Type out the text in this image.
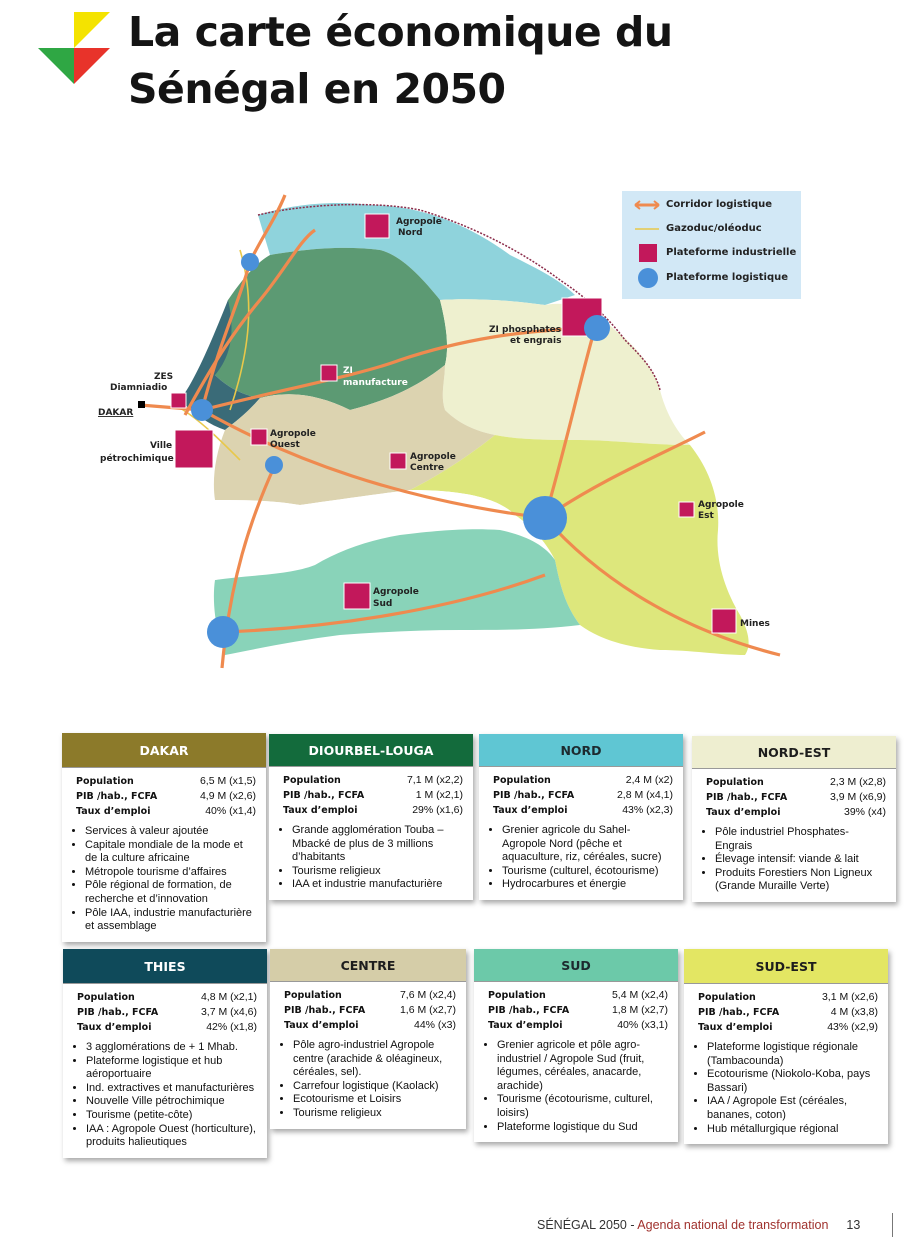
La carte économique du
Sénégal en 2050
Agropole
Nord
ZI phosphates
et engrais
ZI
manufacture
ZES
Diamniadio
DAKAR
Ville
pétrochimique
Agropole
Ouest
Agropole
Centre
Agropole
Est
Agropole
Sud
Mines
Corridor logistique
Gazoduc/oléoduc
Plateforme industrielle
Plateforme logistique
DAKAR
Population	6,5 M (x1,5)
PIB /hab., FCFA	4,9 M (x2,6)
Taux d’emploi	40% (x1,4)
• Services à valeur ajoutée
• Capitale mondiale de la mode et de la culture africaine
• Métropole tourisme d’affaires
• Pôle régional de formation, de recherche et d’innovation
• Pôle IAA, industrie manufacturière et assemblage
DIOURBEL-LOUGA
Population	7,1 M (x2,2)
PIB /hab., FCFA	1 M (x2,1)
Taux d’emploi	29% (x1,6)
• Grande agglomération Touba – Mbacké de plus de 3 millions d’habitants
• Tourisme religieux
• IAA et industrie manufacturière
NORD
Population	2,4 M (x2)
PIB /hab., FCFA	2,8 M (x4,1)
Taux d’emploi	43% (x2,3)
• Grenier agricole du Sahel-Agropole Nord (pêche et aquaculture, riz, céréales, sucre)
• Tourisme (culturel, écotourisme)
• Hydrocarbures et énergie
NORD-EST
Population	2,3 M (x2,8)
PIB /hab., FCFA	3,9 M (x6,9)
Taux d’emploi	39% (x4)
• Pôle industriel Phosphates-Engrais
• Élevage intensif: viande & lait
• Produits Forestiers Non Ligneux (Grande Muraille Verte)
THIES
Population	4,8 M (x2,1)
PIB /hab., FCFA	3,7 M (x4,6)
Taux d’emploi	42% (x1,8)
• 3 agglomérations de + 1 Mhab.
• Plateforme logistique et hub aéroportuaire
• Ind. extractives et manufacturières
• Nouvelle Ville pétrochimique
• Tourisme (petite-côte)
• IAA : Agropole Ouest (horticulture), produits halieutiques
CENTRE
Population	7,6 M (x2,4)
PIB /hab., FCFA	1,6 M (x2,7)
Taux d’emploi	44% (x3)
• Pôle agro-industriel Agropole centre (arachide & oléagineux, céréales, sel).
• Carrefour logistique (Kaolack)
• Ecotourisme et Loisirs
• Tourisme religieux
SUD
Population	5,4 M (x2,4)
PIB /hab., FCFA	1,8 M (x2,7)
Taux d’emploi	40% (x3,1)
• Grenier agricole et pôle agro-industriel / Agropole Sud (fruit, légumes, céréales, anacarde, arachide)
• Tourisme (écotourisme, culturel, loisirs)
• Plateforme logistique du Sud
SUD-EST
Population	3,1 M (x2,6)
PIB /hab., FCFA	4 M (x3,8)
Taux d’emploi	43% (x2,9)
• Plateforme logistique régionale (Tambacounda)
• Ecotourisme (Niokolo-Koba, pays Bassari)
• IAA / Agropole Est (céréales, bananes, coton)
• Hub métallurgique régional
SÉNÉGAL 2050 - Agenda national de transformation 13
